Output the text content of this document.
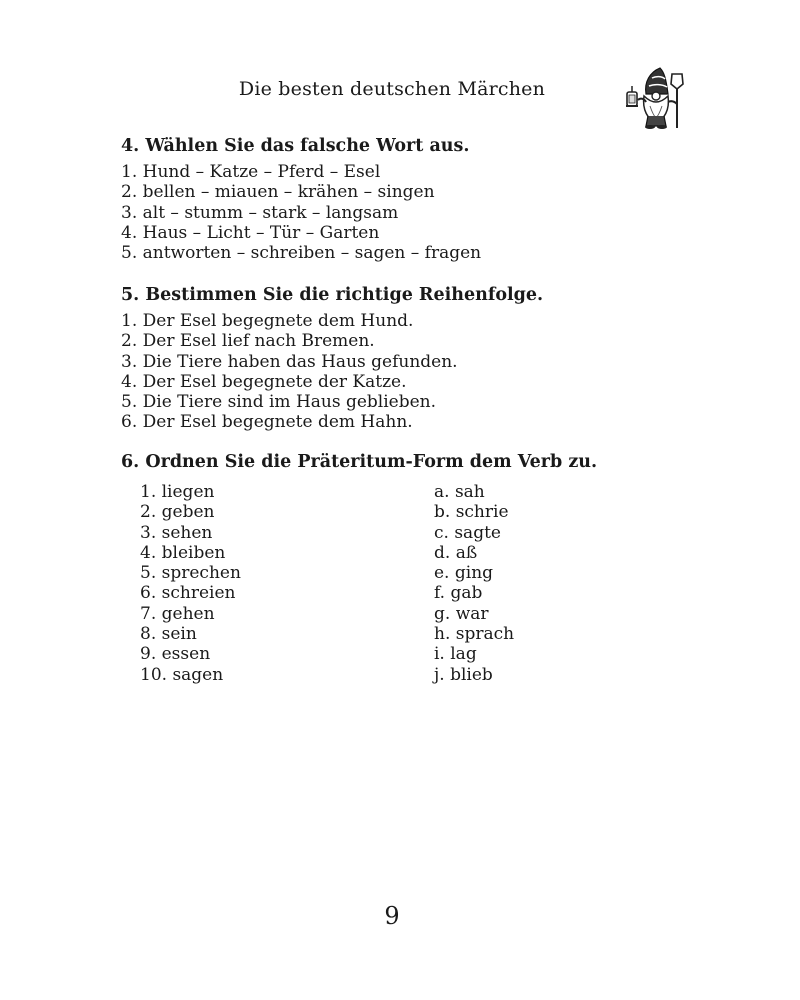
Die besten deutschen Märchen
4. Wählen Sie das falsche Wort aus.
1. Hund – Katze – Pferd – Esel
2. bellen – miauen – krähen – singen
3. alt – stumm – stark – langsam
4. Haus – Licht – Tür – Garten
5. antworten – schreiben – sagen – fragen
5. Bestimmen Sie die richtige Reihenfolge.
1. Der Esel begegnete dem Hund.
2. Der Esel lief nach Bremen.
3. Die Tiere haben das Haus gefunden.
4. Der Esel begegnete der Katze.
5. Die Tiere sind im Haus geblieben.
6. Der Esel begegnete dem Hahn.
6. Ordnen Sie die Präteritum-Form dem Verb zu.
1. liegen
2. geben
3. sehen
4. bleiben
5. sprechen
6. schreien
7. gehen
8. sein
9. essen
10. sagen
a. sah
b. schrie
c. sagte
d. aß
e. ging
f. gab
g. war
h. sprach
i. lag
j. blieb
9
